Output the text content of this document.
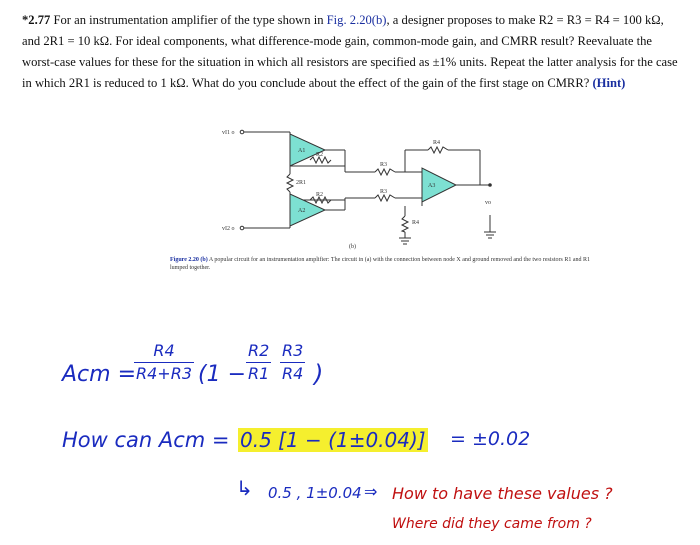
*2.77 For an instrumentation amplifier of the type shown in Fig. 2.20(b), a designer proposes to make R2 = R3 = R4 = 100 kΩ, and 2R1 = 10 kΩ. For ideal components, what difference-mode gain, common-mode gain, and CMRR result? Reevaluate the worst-case values for these for the situation in which all resistors are specified as ±1% units. Repeat the latter analysis for the case in which 2R1 is reduced to 1 kΩ. What do you conclude about the effect of the gain of the first stage on CMRR? (Hint)
vI1 o
vI2 o
A1
A2
A3
R2
R2
2R1
R3
R3
R4
R4
vo
(b)
Figure 2.20 (b) A popular circuit for an instrumentation amplifier: The circuit in (a) with the connection between node X and ground removed and the two resistors R1 and R1 lumped together.
Acm =
$\frac{R4}{R4+R3} (1 - \frac{R2}{R1} \frac{R3}{R4}$ )
How can Acm = 0.5 [1 − (1±0.04)] = ±0.02
↳ 0.5 , 1±0.04 ⇒ How to have these values ?
Where did they came from ?
